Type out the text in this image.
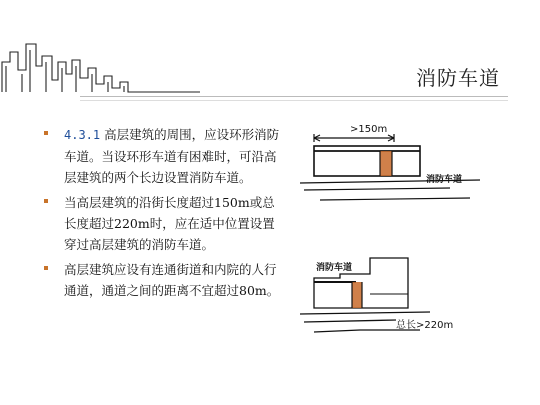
消防车道
4.3.1 高层建筑的周围，应设环形消防车道。当设环形车道有困难时，可沿高层建筑的两个长边设置消防车道。
当高层建筑的沿街长度超过150m或总长度超过220m时，应在适中位置设置穿过高层建筑的消防车道。
高层建筑应设有连通街道和内院的人行通道，通道之间的距离不宜超过80m。
>150m
消防车道
消防车道
总长>220m
